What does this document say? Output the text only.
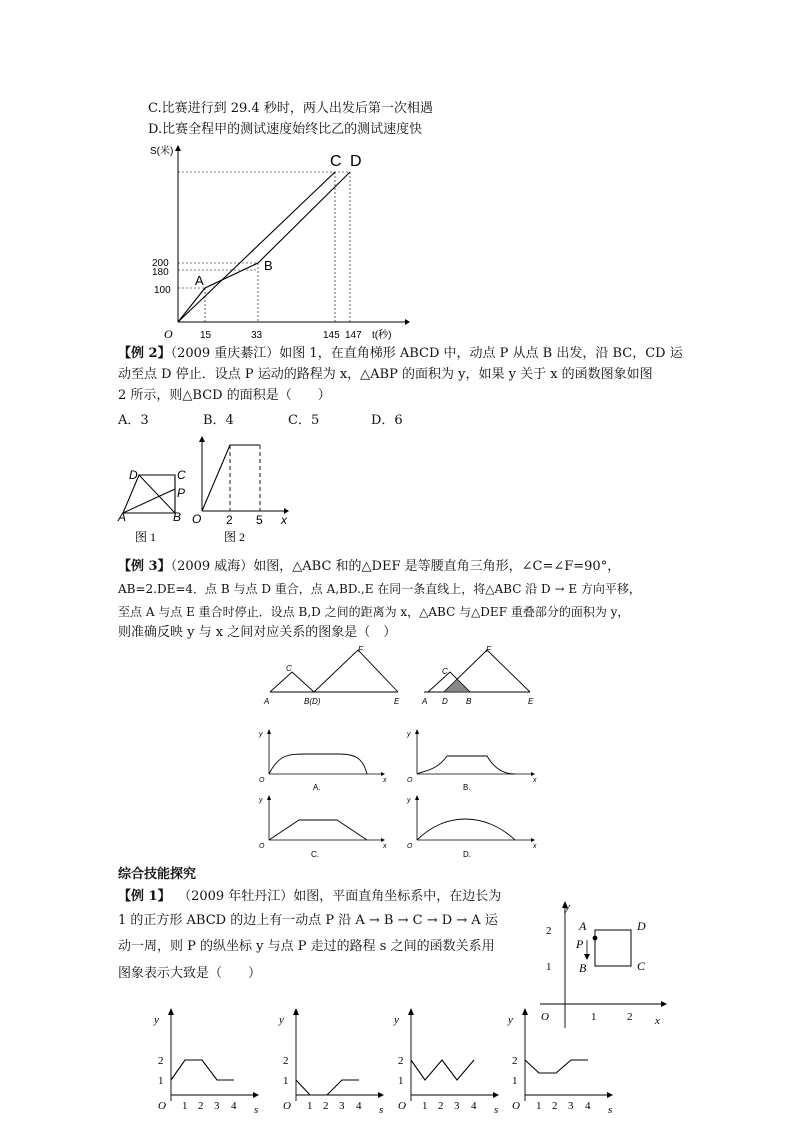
C.比赛进行到 29.4 秒时，两人出发后第一次相遇
D.比赛全程甲的测试速度始终比乙的测试速度快
S(米)
t(秒)
O
A
B
C D
200
180
100
15	33	145 147
【例 2】（2009 重庆綦江）如图 1，在直角梯形 ABCD 中，动点 P 从点 B 出发，沿 BC，CD 运
动至点 D 停止．设点 P 运动的路程为 x，△ABP 的面积为 y，如果 y 关于 x 的函数图象如图
2 所示，则△BCD 的面积是（　　）
A．3	B．4	C．5	D．6
D	C
P
A	B
图 1
O 2 5 x
图 2
【例 3】（2009 威海）如图，△ABC 和的△DEF 是等腰直角三角形，∠C=∠F=90°，
AB=2.DE=4．点 B 与点 D 重合，点 A,BD.,E 在同一条直线上，将△ABC 沿 D → E 方向平移，
至点 A 与点 E 重合时停止．设点 B,D 之间的距离为 x，△ABC 与△DEF 重叠部分的面积为 y，
则准确反映 y 与 x 之间对应关系的图象是（　）
C
F
A	B(D)	E
C
F
A D B	E
y
O	x
A.
y
O	x
B.
y
O	x
C.
y
O	x
D.
综合技能探究
【例 1】 （2009 年牡丹江）如图，平面直角坐标系中，在边长为
1 的正方形 ABCD 的边上有一动点 P 沿 A → B → C → D → A 运
动一周，则 P 的纵坐标 y 与点 P 走过的路程 s 之间的函数关系用
图象表示大致是（　　）
y
x
O
2
1
1	2
A	D
P
B	C
y
2
1
O 1 2 3 4 s
y
2
1
O 1 2 3 4 s
y
2
1
O 1 2 3 4 s
y
2
1
O 1 2 3 4 s
